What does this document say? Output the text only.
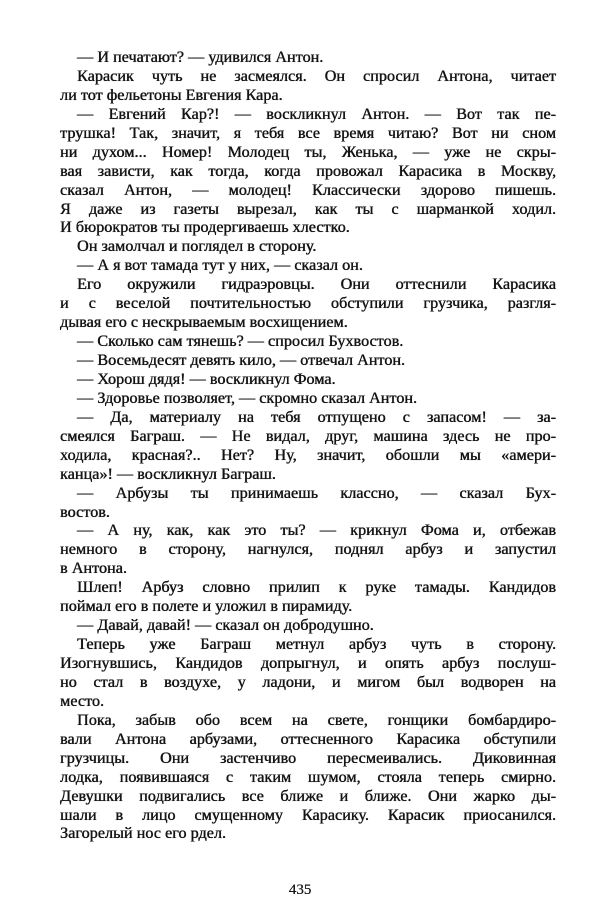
— И печатают? — удивился Антон.
Карасик чуть не засмеялся. Он спросил Антона, читает
ли тот фельетоны Евгения Кара.
— Евгений Кар?! — воскликнул Антон. — Вот так пе-
трушка! Так, значит, я тебя все время читаю? Вот ни сном
ни духом... Номер! Молодец ты, Женька, — уже не скры-
вая зависти, как тогда, когда провожал Карасика в Москву,
сказал Антон, — молодец! Классически здорово пишешь.
Я даже из газеты вырезал, как ты с шарманкой ходил.
И бюрократов ты продергиваешь хлестко.
Он замолчал и поглядел в сторону.
— А я вот тамада тут у них, — сказал он.
Его окружили гидраэровцы. Они оттеснили Карасика
и с веселой почтительностью обступили грузчика, разгля-
дывая его с нескрываемым восхищением.
— Сколько сам тянешь? — спросил Бухвостов.
— Восемьдесят девять кило, — отвечал Антон.
— Хорош дядя! — воскликнул Фома.
— Здоровье позволяет, — скромно сказал Антон.
— Да, материалу на тебя отпущено с запасом! — за-
смеялся Баграш. — Не видал, друг, машина здесь не про-
ходила, красная?.. Нет? Ну, значит, обошли мы «амери-
канца»! — воскликнул Баграш.
— Арбузы ты принимаешь классно, — сказал Бух-
востов.
— А ну, как, как это ты? — крикнул Фома и, отбежав
немного в сторону, нагнулся, поднял арбуз и запустил
в Антона.
Шлеп! Арбуз словно прилип к руке тамады. Кандидов
поймал его в полете и уложил в пирамиду.
— Давай, давай! — сказал он добродушно.
Теперь уже Баграш метнул арбуз чуть в сторону.
Изогнувшись, Кандидов допрыгнул, и опять арбуз послуш-
но стал в воздухе, у ладони, и мигом был водворен на
место.
Пока, забыв обо всем на свете, гонщики бомбардиро-
вали Антона арбузами, оттесненного Карасика обступили
грузчицы. Они застенчиво пересмеивались. Диковинная
лодка, появившаяся с таким шумом, стояла теперь смирно.
Девушки подвигались все ближе и ближе. Они жарко ды-
шали в лицо смущенному Карасику. Карасик приосанился.
Загорелый нос его рдел.
435
